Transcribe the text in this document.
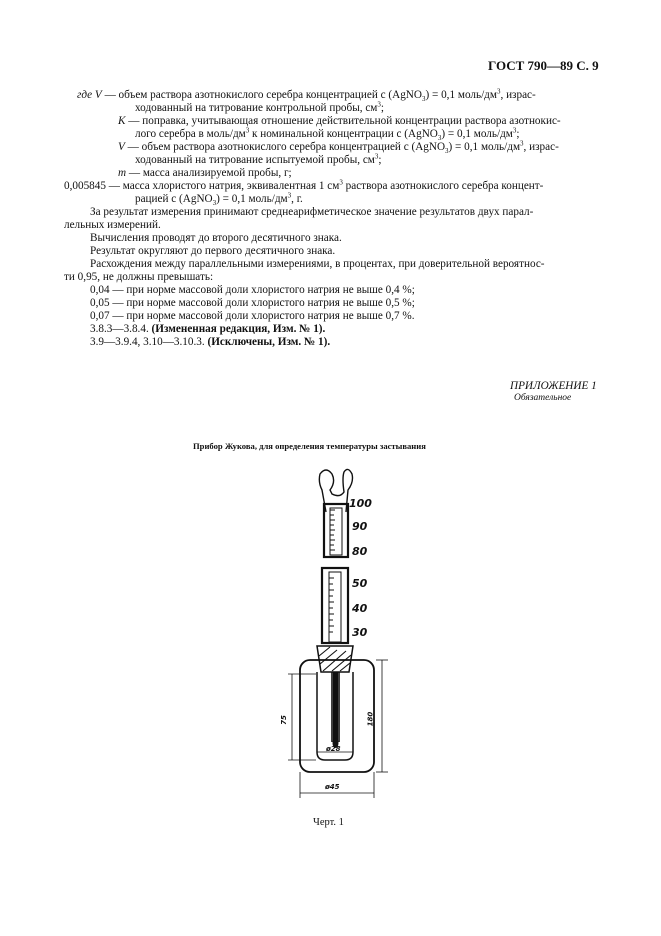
ГОСТ 790—89 С. 9
где V — объем раствора азотнокислого серебра концентрацией с (AgNO$_3$) = 0,1 моль/$дм^3$, израс-
ходованный на титрование контрольной пробы, $см^3$;
K — поправка, учитывающая отношение действительной концентрации раствора азотнокис-
лого серебра в моль/$дм^3$ к номинальной концентрации с (AgNO$_3$) = 0,1 моль/$дм^3$;
V — объем раствора азотнокислого серебра концентрацией с (AgNO$_3$) = 0,1 моль/$дм^3$, израс-
ходованный на титрование испытуемой пробы, $см^3$;
m — масса анализируемой пробы, г;
0,005845 — масса хлористого натрия, эквивалентная 1 $см^3$ раствора азотнокислого серебра концент-
рацией с (AgNO$_3$) = 0,1 моль/$дм^3$, г.
За результат измерения принимают среднеарифметическое значение результатов двух парал-
лельных измерений.
Вычисления проводят до второго десятичного знака.
Результат округляют до первого десятичного знака.
Расхождения между параллельными измерениями, в процентах, при доверительной вероятнос-
ти 0,95, не должны превышать:
0,04 — при норме массовой доли хлористого натрия не выше 0,4 %;
0,05 — при норме массовой доли хлористого натрия не выше 0,5 %;
0,07 — при норме массовой доли хлористого натрия не выше 0,7 %.
3.8.3—3.8.4. (Измененная редакция, Изм. № 1).
3.9—3.9.4, 3.10—3.10.3. (Исключены, Изм. № 1).
ПРИЛОЖЕНИЕ 1
Обязательное
Прибор Жукова, для определения температуры застывания
100
90
80
50
40
30
75	180
ø28
ø45
Черт. 1
